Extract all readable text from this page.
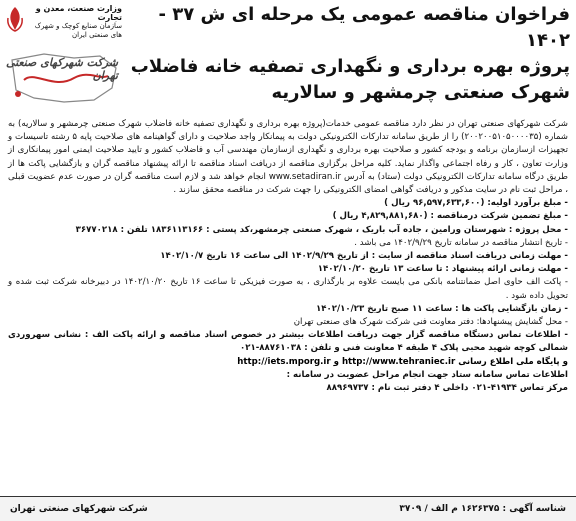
وزارت صنعت، معدن و تجارت
سازمان صنایع کوچک و شهرک های صنعتی ایران
شرکت شهرکهای صنعتی تهران

فراخوان مناقصه عمومی یک مرحله ای ش ۳۷ - ۱۴۰۲

پروژه بهره برداری و نگهداری تصفیه خانه فاضلاب

شهرک صنعتی چرمشهر و سالاریه

شرکت شهرکهای صنعتی تهران در نظر دارد مناقصه عمومی خدمات(پروژه بهره برداری و نگهداری تصفیه خانه فاضلاب شهرک صنعتی چرمشهر و سالاریه) به شماره (۲۰۰۲۰۰۵۱۰۵۰۰۰۰۳۵) را از طریق سامانه تدارکات الکترونیکی دولت به پیمانکار واجد صلاحیت و دارای گواهینامه های صلاحیت پایه ۵ رشته تاسیسات و تجهیزات ازسازمان برنامه و بودجه کشور و صلاحیت بهره برداری و نگهداری ازسازمان مهندسی آب و فاضلاب کشور و تایید صلاحیت ایمنی امور پیمانکاری از وزارت تعاون ، کار و رفاه اجتماعی واگذار نماید. کلیه مراحل برگزاری مناقصه از دریافت اسناد مناقصه تا ارائه پیشنهاد مناقصه گران و بازگشایی پاکت ها از طریق درگاه سامانه تدارکات الکترونیکی دولت (ستاد) به آدرس www.setadiran.ir انجام خواهد شد و لازم است مناقصه گران در صورت عدم عضویت قبلی ، مراحل ثبت نام در سایت مذکور و دریافت گواهی امضای الکترونیکی را جهت شرکت در مناقصه محقق سازند .

- مبلغ برآورد اولیه: (۹۶,۵۹۷,۶۳۳,۶۰۰ ریال )

- مبلغ تضمین شرکت درمناقصه : (۴,۸۲۹,۸۸۱,۶۸۰ ریال )

- محل پروژه : شهرستان ورامین ، جاده آب باریک ، شهرک صنعتی چرمشهر،کد پستی : ۱۸۳۶۱۱۳۱۶۶ تلفن : ۳۶۷۷۰۲۱۸

- تاریخ انتشار مناقصه در سامانه تاریخ ۱۴۰۲/۹/۲۹ می باشد .

- مهلت زمانی دریافت اسناد مناقصه از سایت : از تاریخ ۱۴۰۲/۹/۲۹ الی ساعت ۱۶ تاریخ ۱۴۰۲/۱۰/۷

- مهلت زمانی ارائه پیشنهاد : تا ساعت ۱۳ تاریخ ۱۴۰۲/۱۰/۲۰

- پاکت الف حاوی اصل ضمانتنامه بانکی می بایست علاوه بر بارگذاری ، به صورت فیزیکی تا ساعت ۱۶ تاریخ ۱۴۰۲/۱۰/۲۰ در دبیرخانه شرکت ثبت شده و تحویل داده شود .

- زمان بازگشایی پاکت ها : ساعت ۱۱ صبح تاریخ ۱۴۰۲/۱۰/۲۳

- محل گشایش پیشنهادها: دفتر معاونت فنی شرکت شهرک های صنعتی تهران

- اطلاعات تماس دستگاه مناقصه گزار جهت دریافت اطلاعات بیشتر در خصوص اسناد مناقصه و ارائه پاکت الف : نشانی سهروردی شمالی کوچه شهید محبی پلاک ۴ طبقه ۴ معاونت فنی و تلفن : ۸۸۷۶۱۰۳۸-۰۲۱

و پایگاه ملی اطلاع رسانی http://www.tehraniec.ir و http://iets.mporg.ir

اطلاعات تماس سامانه ستاد جهت انجام مراحل عضویت در سامانه :

مرکز تماس ۴۱۹۳۴-۰۲۱ داخلی ۴ دفتر ثبت نام : ۸۸۹۶۹۷۳۷

شناسه آگهی : ۱۶۲۶۳۷۵ م الف / ۳۷۰۹
شرکت شهرکهای صنعتی تهران
